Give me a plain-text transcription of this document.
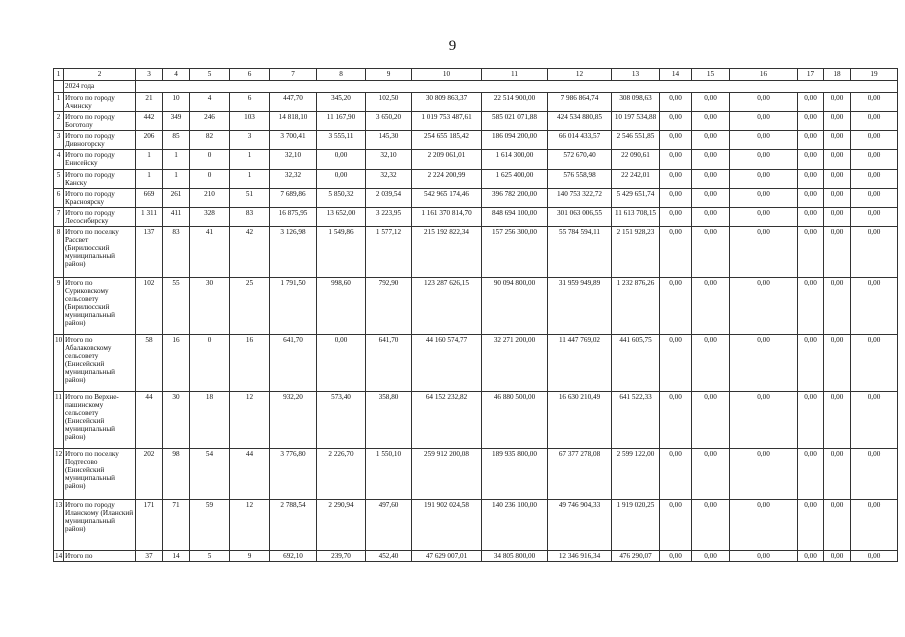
9
1	2	3	4	5	6	7	8	9	10	11	12	13	14	15	16	17	18	19
	2024 года																	
1	Итого по городу Ачинску	21	10	4	6	447,70	345,20	102,50	30 809 863,37	22 514 900,00	7 986 864,74	308 098,63	0,00	0,00	0,00	0,00	0,00	0,00
2	Итого по городу Боготолу	442	349	246	103	14 818,10	11 167,90	3 650,20	1 019 753 487,61	585 021 071,88	424 534 880,85	10 197 534,88	0,00	0,00	0,00	0,00	0,00	0,00
3	Итого по городу Дивногорску	206	85	82	3	3 700,41	3 555,11	145,30	254 655 185,42	186 094 200,00	66 014 433,57	2 546 551,85	0,00	0,00	0,00	0,00	0,00	0,00
4	Итого по городу Енисейску	1	1	0	1	32,10	0,00	32,10	2 209 061,01	1 614 300,00	572 670,40	22 090,61	0,00	0,00	0,00	0,00	0,00	0,00
5	Итого по городу Канску	1	1	0	1	32,32	0,00	32,32	2 224 200,99	1 625 400,00	576 558,98	22 242,01	0,00	0,00	0,00	0,00	0,00	0,00
6	Итого по городу Красноярску	669	261	210	51	7 689,86	5 850,32	2 039,54	542 965 174,46	396 782 200,00	140 753 322,72	5 429 651,74	0,00	0,00	0,00	0,00	0,00	0,00
7	Итого по городу Лесосибирску	1 311	411	328	83	16 875,95	13 652,00	3 223,95	1 161 370 814,70	848 694 100,00	301 063 006,55	11 613 708,15	0,00	0,00	0,00	0,00	0,00	0,00
8	Итого по поселку Рассвет (Бирилюсский муниципальный район)	137	83	41	42	3 126,98	1 549,86	1 577,12	215 192 822,34	157 256 300,00	55 784 594,11	2 151 928,23	0,00	0,00	0,00	0,00	0,00	0,00
9	Итого по Суриковскому сельсовету (Бирилюсский муниципальный район)	102	55	30	25	1 791,50	998,60	792,90	123 287 626,15	90 094 800,00	31 959 949,89	1 232 876,26	0,00	0,00	0,00	0,00	0,00	0,00
10	Итого по Абалаковскому сельсовету (Енисейский муниципальный район)	58	16	0	16	641,70	0,00	641,70	44 160 574,77	32 271 200,00	11 447 769,02	441 605,75	0,00	0,00	0,00	0,00	0,00	0,00
11	Итого по Верхне-пашинскому сельсовету (Енисейский муниципальный район)	44	30	18	12	932,20	573,40	358,80	64 152 232,82	46 880 500,00	16 630 210,49	641 522,33	0,00	0,00	0,00	0,00	0,00	0,00
12	Итого по поселку Подтесово (Енисейский муниципальный район)	202	98	54	44	3 776,80	2 226,70	1 550,10	259 912 200,08	189 935 800,00	67 377 278,08	2 599 122,00	0,00	0,00	0,00	0,00	0,00	0,00
13	Итого по городу Иланскому (Иланский муниципальный район)	171	71	59	12	2 788,54	2 290,94	497,60	191 902 024,58	140 236 100,00	49 746 904,33	1 919 020,25	0,00	0,00	0,00	0,00	0,00	0,00
14	Итого по	37	14	5	9	692,10	239,70	452,40	47 629 007,01	34 805 800,00	12 346 916,34	476 290,07	0,00	0,00	0,00	0,00	0,00	0,00
